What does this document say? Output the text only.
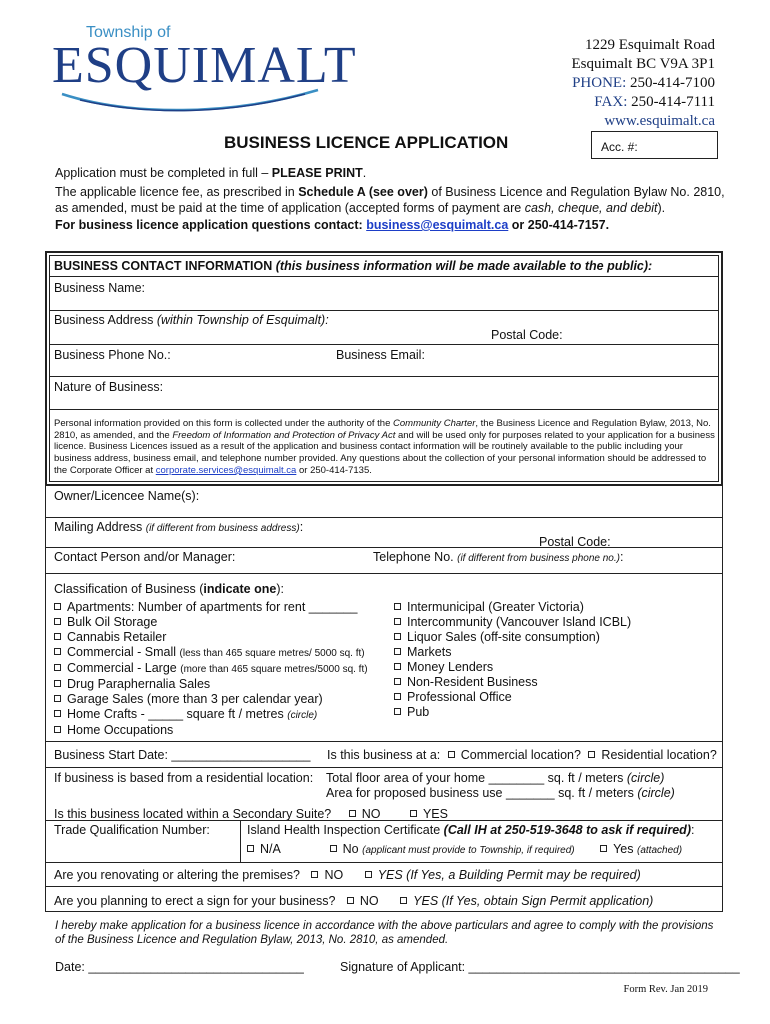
Township of
ESQUIMALT	1229 Esquimalt Road
Esquimalt BC V9A 3P1
PHONE: 250-414-7100
FAX: 250-414-7111
www.esquimalt.ca
BUSINESS LICENCE APPLICATION	Acc. #:
Application must be completed in full – PLEASE PRINT.
The applicable licence fee, as prescribed in Schedule A (see over) of Business Licence and Regulation Bylaw No. 2810, as amended, must be paid at the time of application (accepted forms of payment are cash, cheque, and debit).
For business licence application questions contact: business@esquimalt.ca or 250-414-7157.
BUSINESS CONTACT INFORMATION (this business information will be made available to the public):
Business Name:
Business Address (within Township of Esquimalt):
Postal Code:
Business Phone No.:	Business Email:
Nature of Business:
Personal information provided on this form is collected under the authority of the Community Charter, the Business Licence and Regulation Bylaw, 2013, No. 2810, as amended, and the Freedom of Information and Protection of Privacy Act and will be used only for purposes related to your application for a business licence. Business Licences issued as a result of the application and business contact information will be routinely available to the public including your business address, business email, and telephone number provided. Any questions about the collection of your personal information should be addressed to the Corporate Officer at corporate.services@esquimalt.ca or 250-414-7135.
Owner/Licencee Name(s):
Mailing Address (if different from business address):
Postal Code:
Contact Person and/or Manager:	Telephone No. (if different from business phone no.):
Classification of Business (indicate one):
Apartments: Number of apartments for rent _______
Bulk Oil Storage
Cannabis Retailer
Commercial - Small (less than 465 square metres/ 5000 sq. ft)
Commercial - Large (more than 465 square metres/5000 sq. ft)
Drug Paraphernalia Sales
Garage Sales (more than 3 per calendar year)
Home Crafts - _____ square ft / metres (circle)
Home Occupations
Intermunicipal (Greater Victoria)
Intercommunity (Vancouver Island ICBL)
Liquor Sales (off-site consumption)
Markets
Money Lenders
Non-Resident Business
Professional Office
Pub
Business Start Date: ____________________ Is this business at a: Commercial location? Residential location?
If business is based from a residential location: Total floor area of your home ________ sq. ft / meters (circle)
Area for proposed business use _______ sq. ft / meters (circle)
Is this business located within a Secondary Suite? NO	YES
Trade Qualification Number:	Island Health Inspection Certificate (Call IH at 250-519-3648 to ask if required):
N/A	No (applicant must provide to Township, if required)	Yes (attached)
Are you renovating or altering the premises? NO	YES (If Yes, a Building Permit may be required)
Are you planning to erect a sign for your business? NO	YES (If Yes, obtain Sign Permit application)
I hereby make application for a business licence in accordance with the above particulars and agree to comply with the provisions of the Business Licence and Regulation Bylaw, 2013, No. 2810, as amended.
Date: _______________________________	Signature of Applicant: _______________________________________
Form Rev. Jan 2019
